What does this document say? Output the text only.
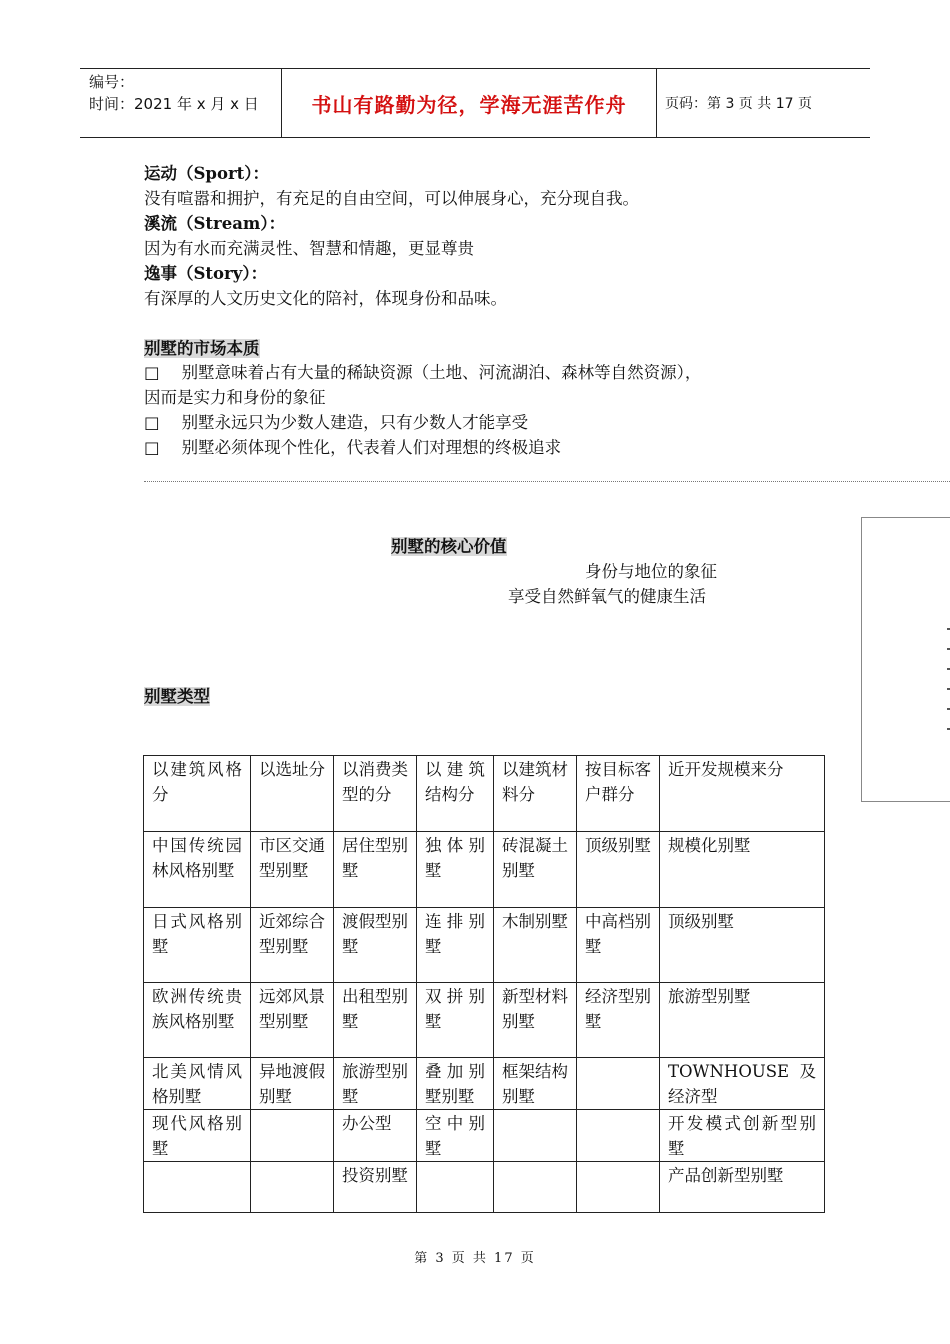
编号：
时间：2021 年 x 月 x 日	书山有路勤为径，学海无涯苦作舟	页码：第 3 页 共 17 页
运动（Sport）：
没有喧嚣和拥护，有充足的自由空间，可以伸展身心，充分现自我。
溪流（Stream）：
因为有水而充满灵性、智慧和情趣，更显尊贵
逸事（Story）：
有深厚的人文历史文化的陪衬，体现身份和品味。
别墅的市场本质
□ 别墅意味着占有大量的稀缺资源（土地、河流湖泊、森林等自然资源），
因而是实力和身份的象征
□ 别墅永远只为少数人建造，只有少数人才能享受
□ 别墅必须体现个性化，代表着人们对理想的终极追求
别墅的核心价值
身份与地位的象征
享受自然鲜氧气的健康生活
别墅类型
以建筑风格分	以选址分	以消费类型的分	以建筑结构分	以建筑材料分	按目标客户群分	近开发规模来分
中国传统园林风格别墅	市区交通型别墅	居住型别墅	独体别墅	砖混凝土别墅	顶级别墅	规模化别墅
日式风格别墅	近郊综合型别墅	渡假型别墅	连排别墅	木制别墅	中高档别墅	顶级别墅
欧洲传统贵族风格别墅	远郊风景型别墅	出租型别墅	双拼别墅	新型材料别墅	经济型别墅	旅游型别墅
北美风情风格别墅	异地渡假别墅	旅游型别墅	叠加别墅别墅	框架结构别墅		TOWNHOUSE 及经济型
现代风格别墅		办公型	空中别墅			开发模式创新型别墅
		投资别墅				产品创新型别墅
第 3 页 共 17 页
